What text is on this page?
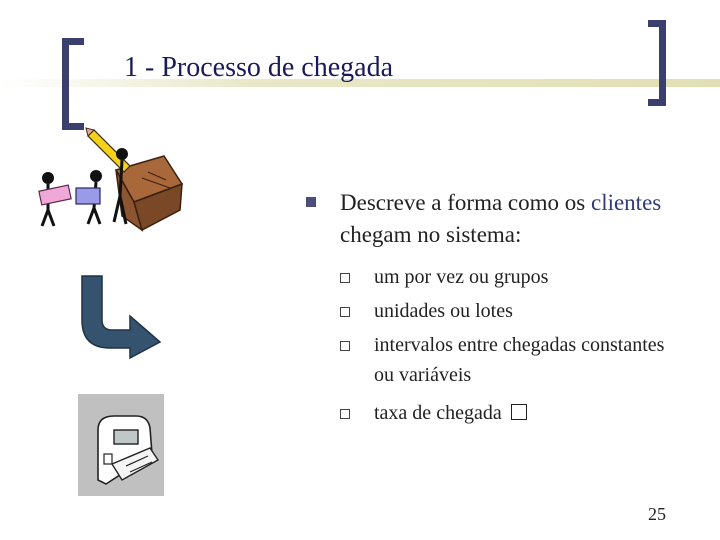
1 - Processo de chegada
Descreve a forma como os clientes chegam no sistema:
um por vez ou grupos
unidades ou lotes
intervalos entre chegadas constantes ou variáveis
taxa de chegada
25
